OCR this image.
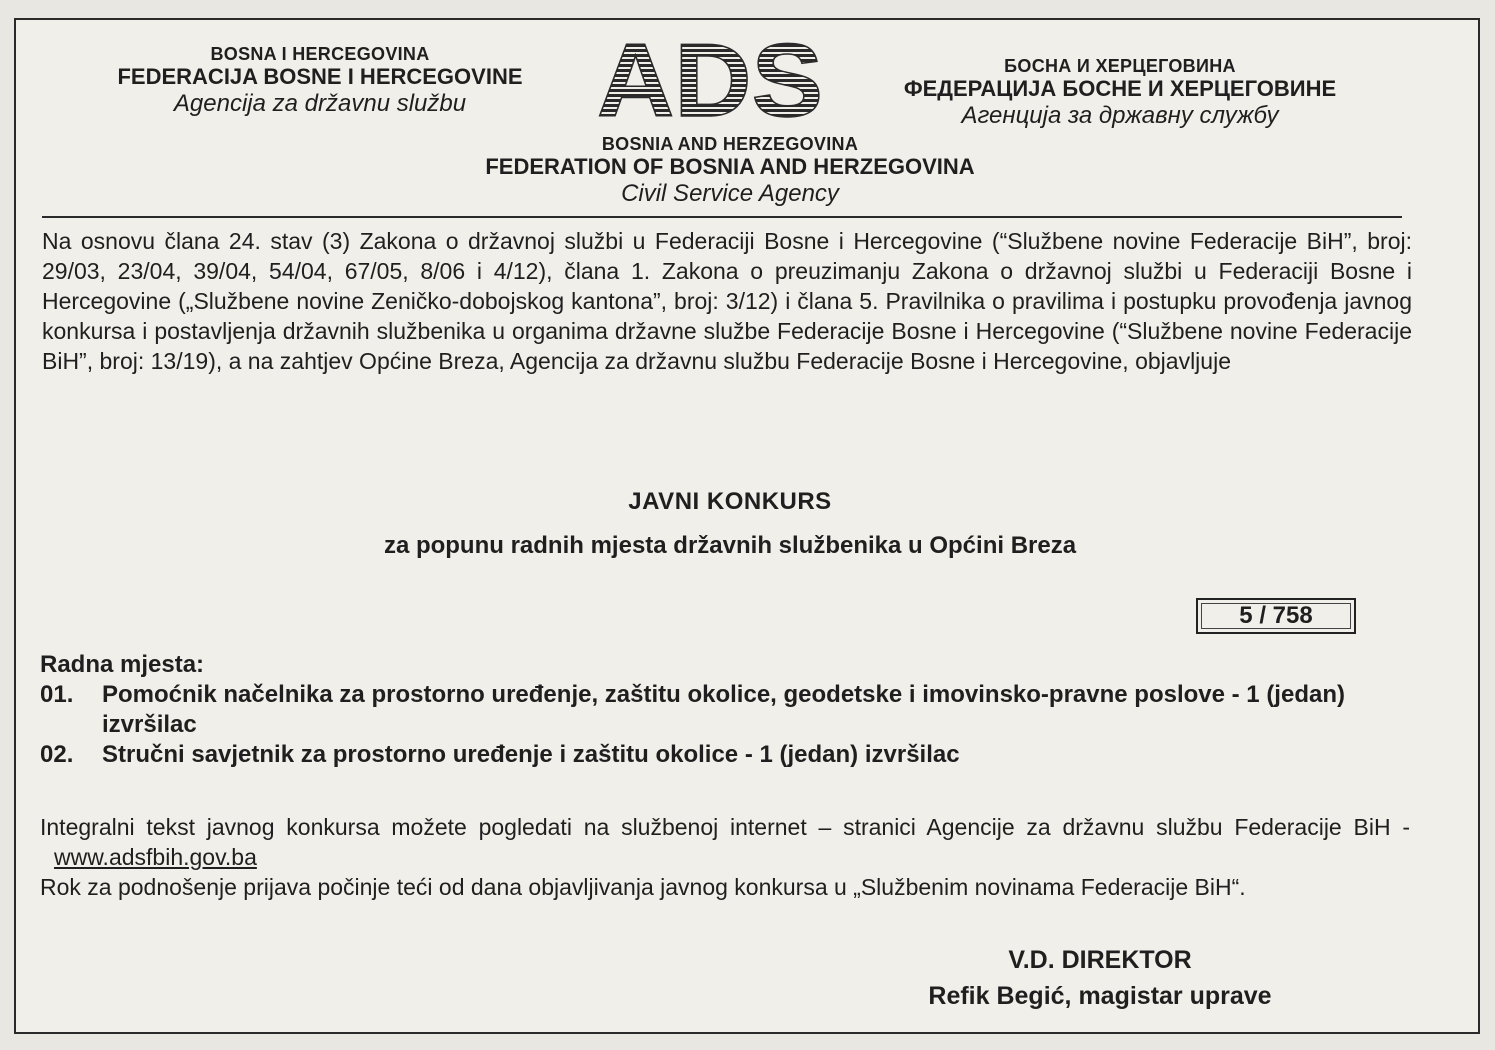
BOSNA I HERCEGOVINA
FEDERACIJA BOSNE I HERCEGOVINE
Agencija za državnu službu	ADS	БОСНА И ХЕРЦЕГОВИНА
ФЕДЕРАЦИЈА БОСНЕ И ХЕРЦЕГОВИНЕ
Агенција за државну службу
BOSNIA AND HERZEGOVINA
FEDERATION OF BOSNIA AND HERZEGOVINA
Civil Service Agency
Na osnovu člana 24. stav (3) Zakona o državnoj službi u Federaciji Bosne i Hercegovine (“Službene novine Federacije BiH”, broj: 29/03, 23/04, 39/04, 54/04, 67/05, 8/06 i 4/12), člana 1. Zakona o preuzimanju Zakona o državnoj službi u Federaciji Bosne i Hercegovine („Službene novine Zeničko-dobojskog kantona”, broj: 3/12) i člana 5. Pravilnika o pravilima i postupku provođenja javnog konkursa i postavljenja državnih službenika u organima državne službe Federacije Bosne i Hercegovine (“Službene novine Federacije BiH”, broj: 13/19), a na zahtjev Općine Breza, Agencija za državnu službu Federacije Bosne i Hercegovine, objavljuje
JAVNI KONKURS
za popunu radnih mjesta državnih službenika u Općini Breza
5 / 758
Radna mjesta:
01.	Pomoćnik načelnika za prostorno uređenje, zaštitu okolice, geodetske i imovinsko-pravne poslove - 1 (jedan) izvršilac
02.	Stručni savjetnik za prostorno uređenje i zaštitu okolice - 1 (jedan) izvršilac
Integralni tekst javnog konkursa možete pogledati na službenoj internet – stranici Agencije za državnu službu Federacije BiH -www.adsfbih.gov.ba
Rok za podnošenje prijava počinje teći od dana objavljivanja javnog konkursa u „Službenim novinama Federacije BiH“.
V.D. DIREKTOR
Refik Begić, magistar uprave
